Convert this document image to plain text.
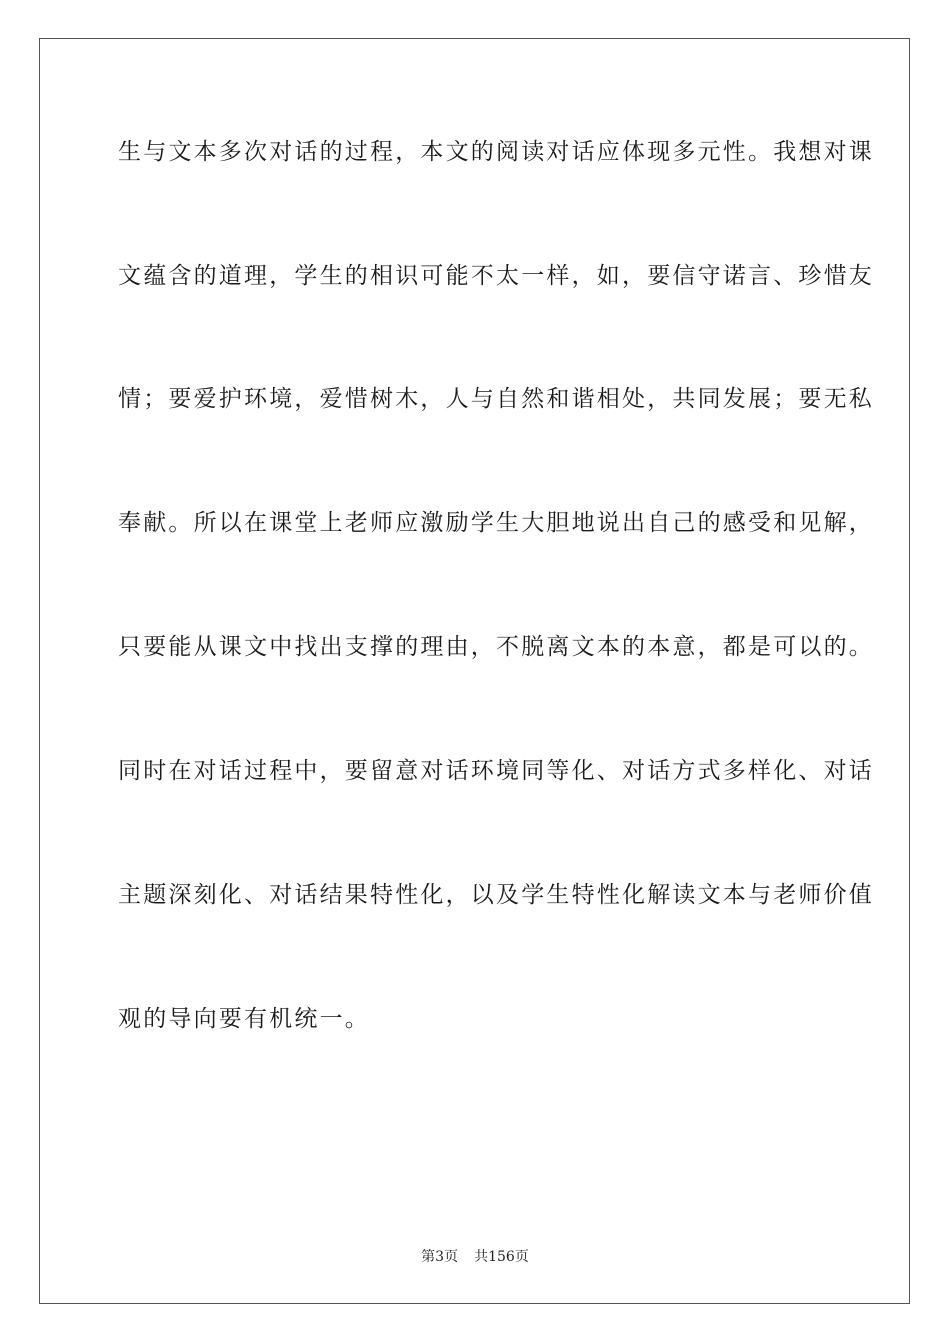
生与文本多次对话的过程，本文的阅读对话应体现多元性。我想对课
文蕴含的道理，学生的相识可能不太一样，如，要信守诺言、珍惜友
情；要爱护环境，爱惜树木，人与自然和谐相处，共同发展；要无私
奉献。所以在课堂上老师应激励学生大胆地说出自己的感受和见解，
只要能从课文中找出支撑的理由，不脱离文本的本意，都是可以的。
同时在对话过程中，要留意对话环境同等化、对话方式多样化、对话
主题深刻化、对话结果特性化，以及学生特性化解读文本与老师价值
观的导向要有机统一。
第3页 共156页
